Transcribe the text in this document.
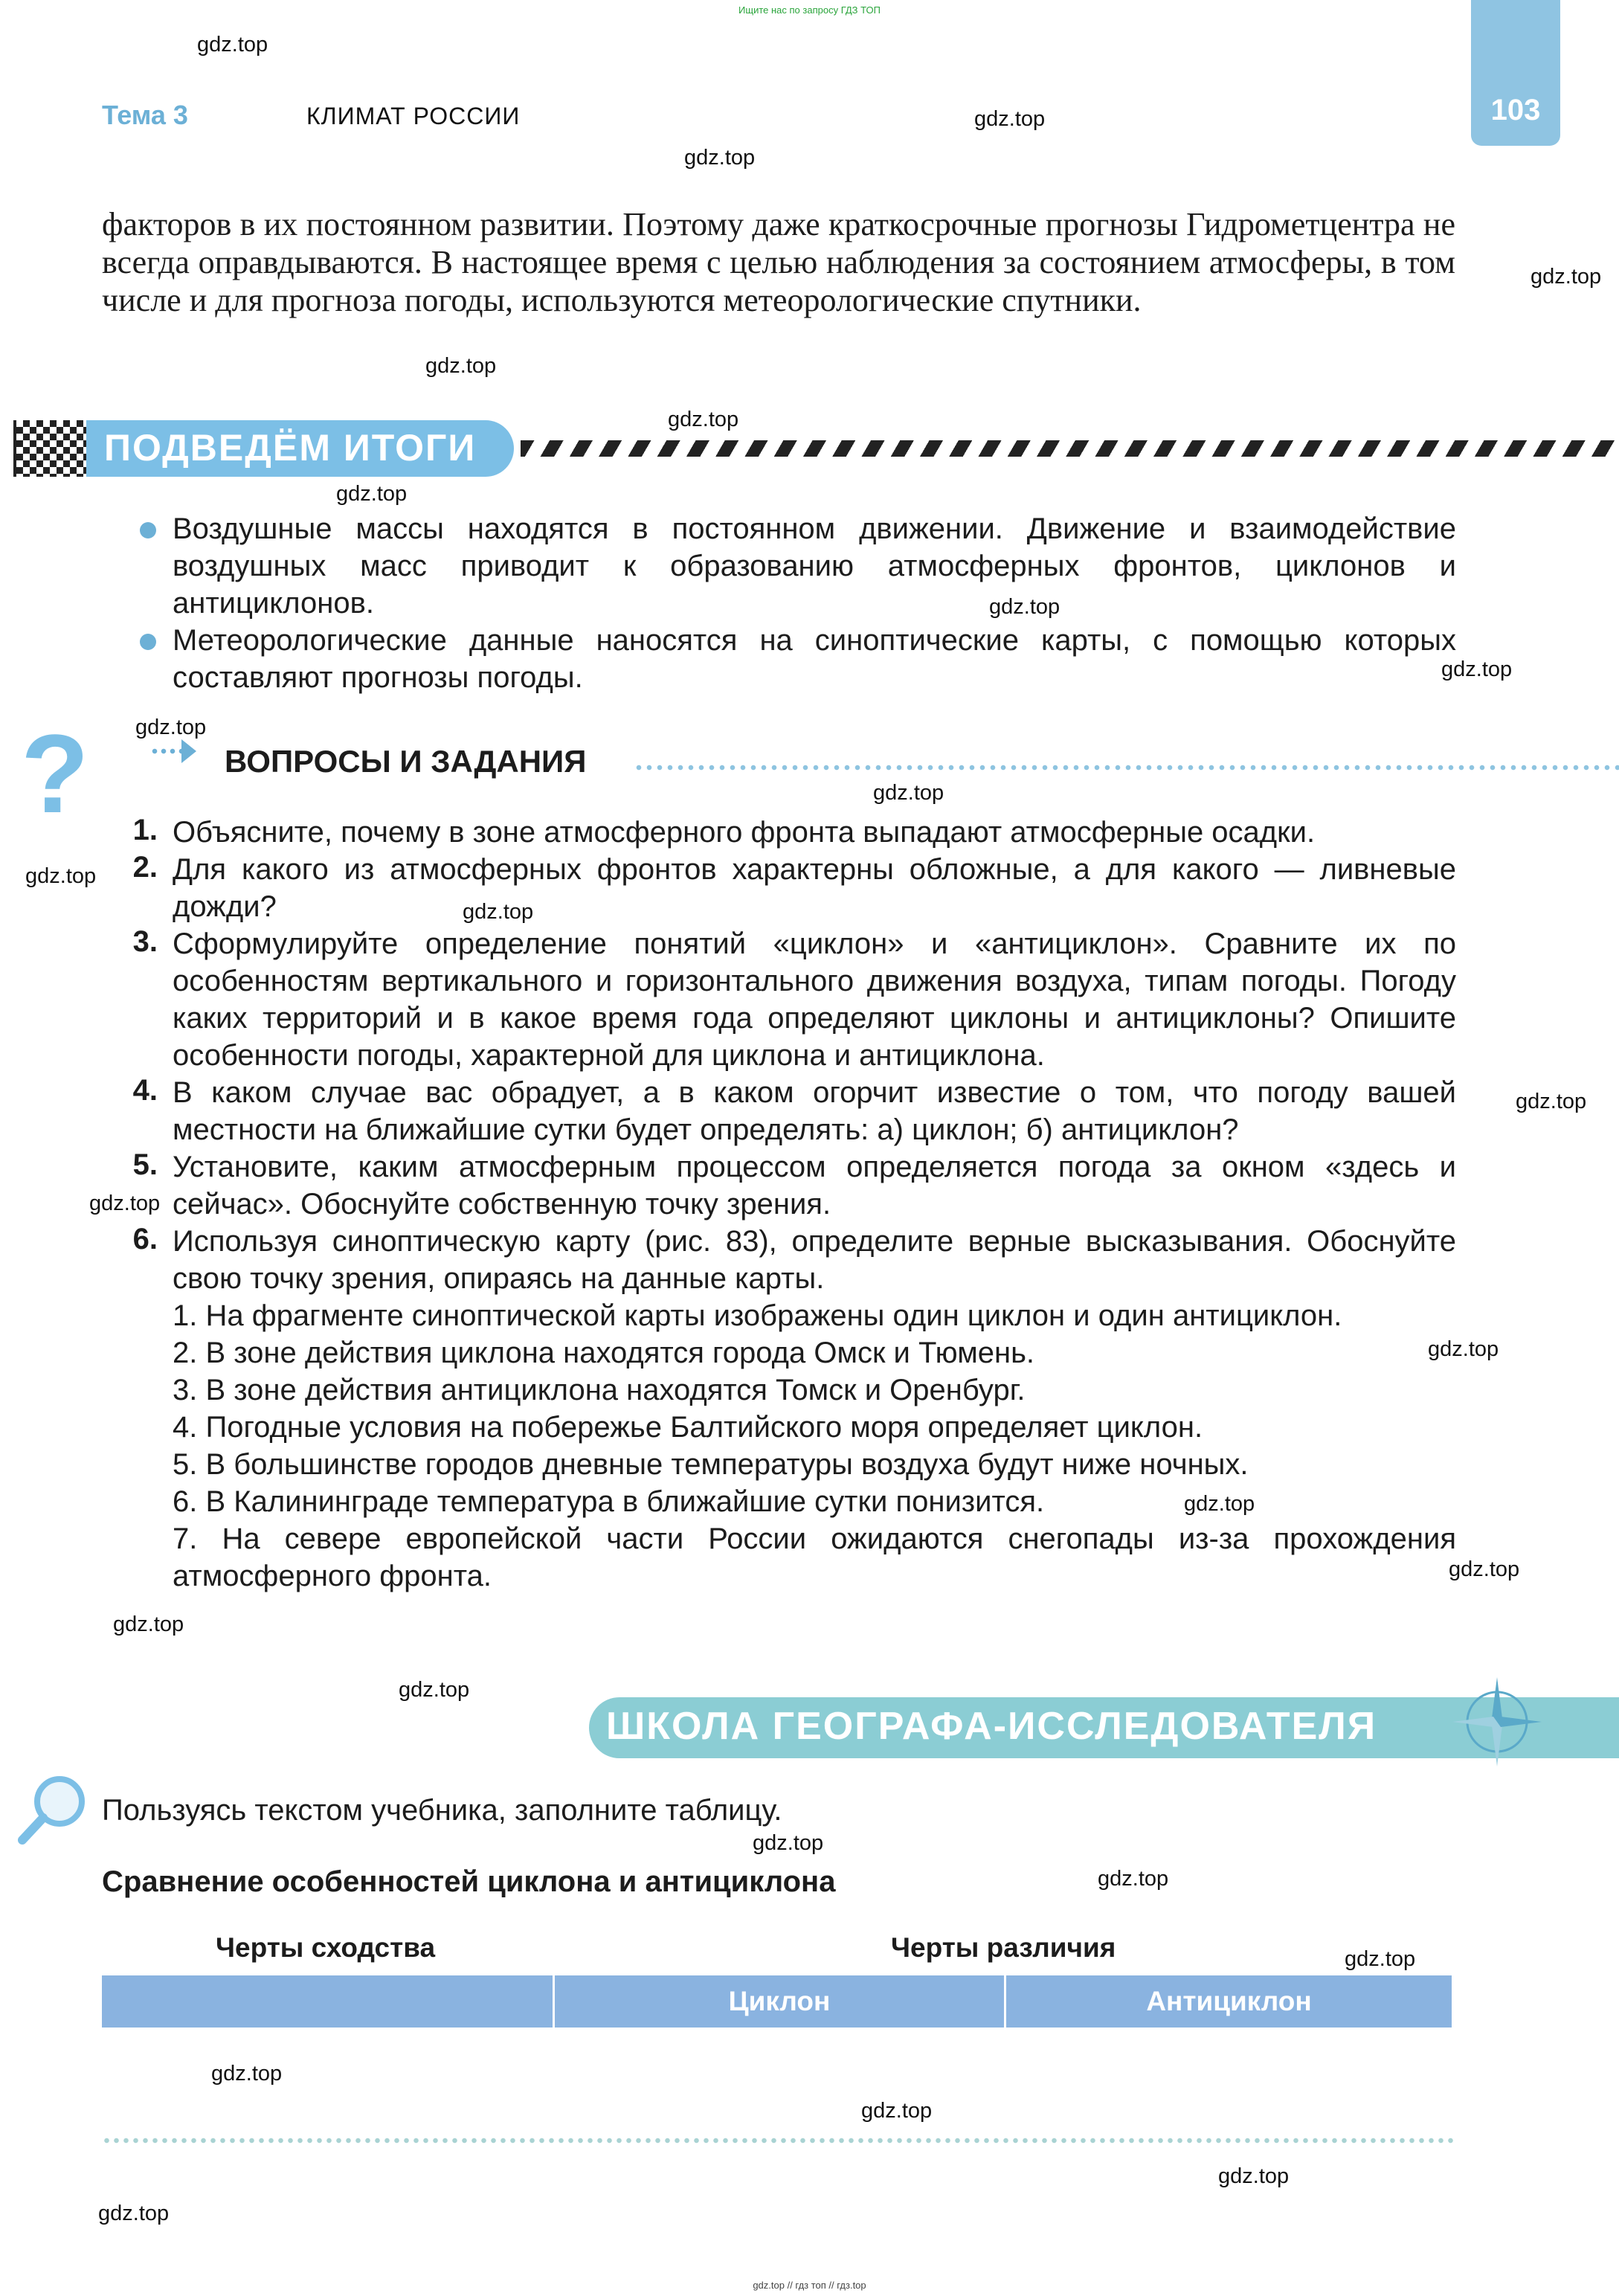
Ищите нас по запросу ГДЗ ТОП
Тема 3	КЛИМАТ РОССИИ	103
факторов в их постоянном развитии. Поэтому даже краткосрочные прогнозы Гидрометцентра не всегда оправдываются. В настоящее время с целью наблюдения за состоянием атмосферы, в том числе и для прогноза погоды, используются метеорологические спутники.
ПОДВЕДЁМ ИТОГИ
Воздушные массы находятся в постоянном движении. Движение и взаимодействие воздушных масс приводит к образованию атмосферных фронтов, циклонов и антициклонов.
Метеорологические данные наносятся на синоптические карты, с помощью которых составляют прогнозы погоды.
?	ВОПРОСЫ И ЗАДАНИЯ
1. Объясните, почему в зоне атмосферного фронта выпадают атмосферные осадки.
2. Для какого из атмосферных фронтов характерны обложные, а для какого — ливневые дожди?
3. Сформулируйте определение понятий «циклон» и «антициклон». Сравните их по особенностям вертикального и горизонтального движения воздуха, типам погоды. Погоду каких территорий и в какое время года определяют циклоны и антициклоны? Опишите особенности погоды, характерной для циклона и антициклона.
4. В каком случае вас обрадует, а в каком огорчит известие о том, что погоду вашей местности на ближайшие сутки будет определять: а) циклон; б) антициклон?
5. Установите, каким атмосферным процессом определяется погода за окном «здесь и сейчас». Обоснуйте собственную точку зрения.
6. Используя синоптическую карту (рис. 83), определите верные высказывания. Обоснуйте свою точку зрения, опираясь на данные карты.
1. На фрагменте синоптической карты изображены один циклон и один антициклон.
2. В зоне действия циклона находятся города Омск и Тюмень.
3. В зоне действия антициклона находятся Томск и Оренбург.
4. Погодные условия на побережье Балтийского моря определяет циклон.
5. В большинстве городов дневные температуры воздуха будут ниже ночных.
6. В Калининграде температура в ближайшие сутки понизится.
7. На севере европейской части России ожидаются снегопады из-за прохождения атмосферного фронта.
ШКОЛА ГЕОГРАФА-ИССЛЕДОВАТЕЛЯ
Пользуясь текстом учебника, заполните таблицу.
Сравнение особенностей циклона и антициклона
Черты сходства	Черты различия
Циклон	Антициклон
gdz.top
gdz.top
gdz.top
gdz.top
gdz.top
gdz.top
gdz.top
gdz.top
gdz.top
gdz.top
gdz.top
gdz.top
gdz.top
gdz.top
gdz.top
gdz.top
gdz.top
gdz.top
gdz.top
gdz.top
gdz.top
gdz.top
gdz.top
gdz.top
gdz.top
gdz.top
gdz.top
gdz.top // гдз топ // гдз.top
